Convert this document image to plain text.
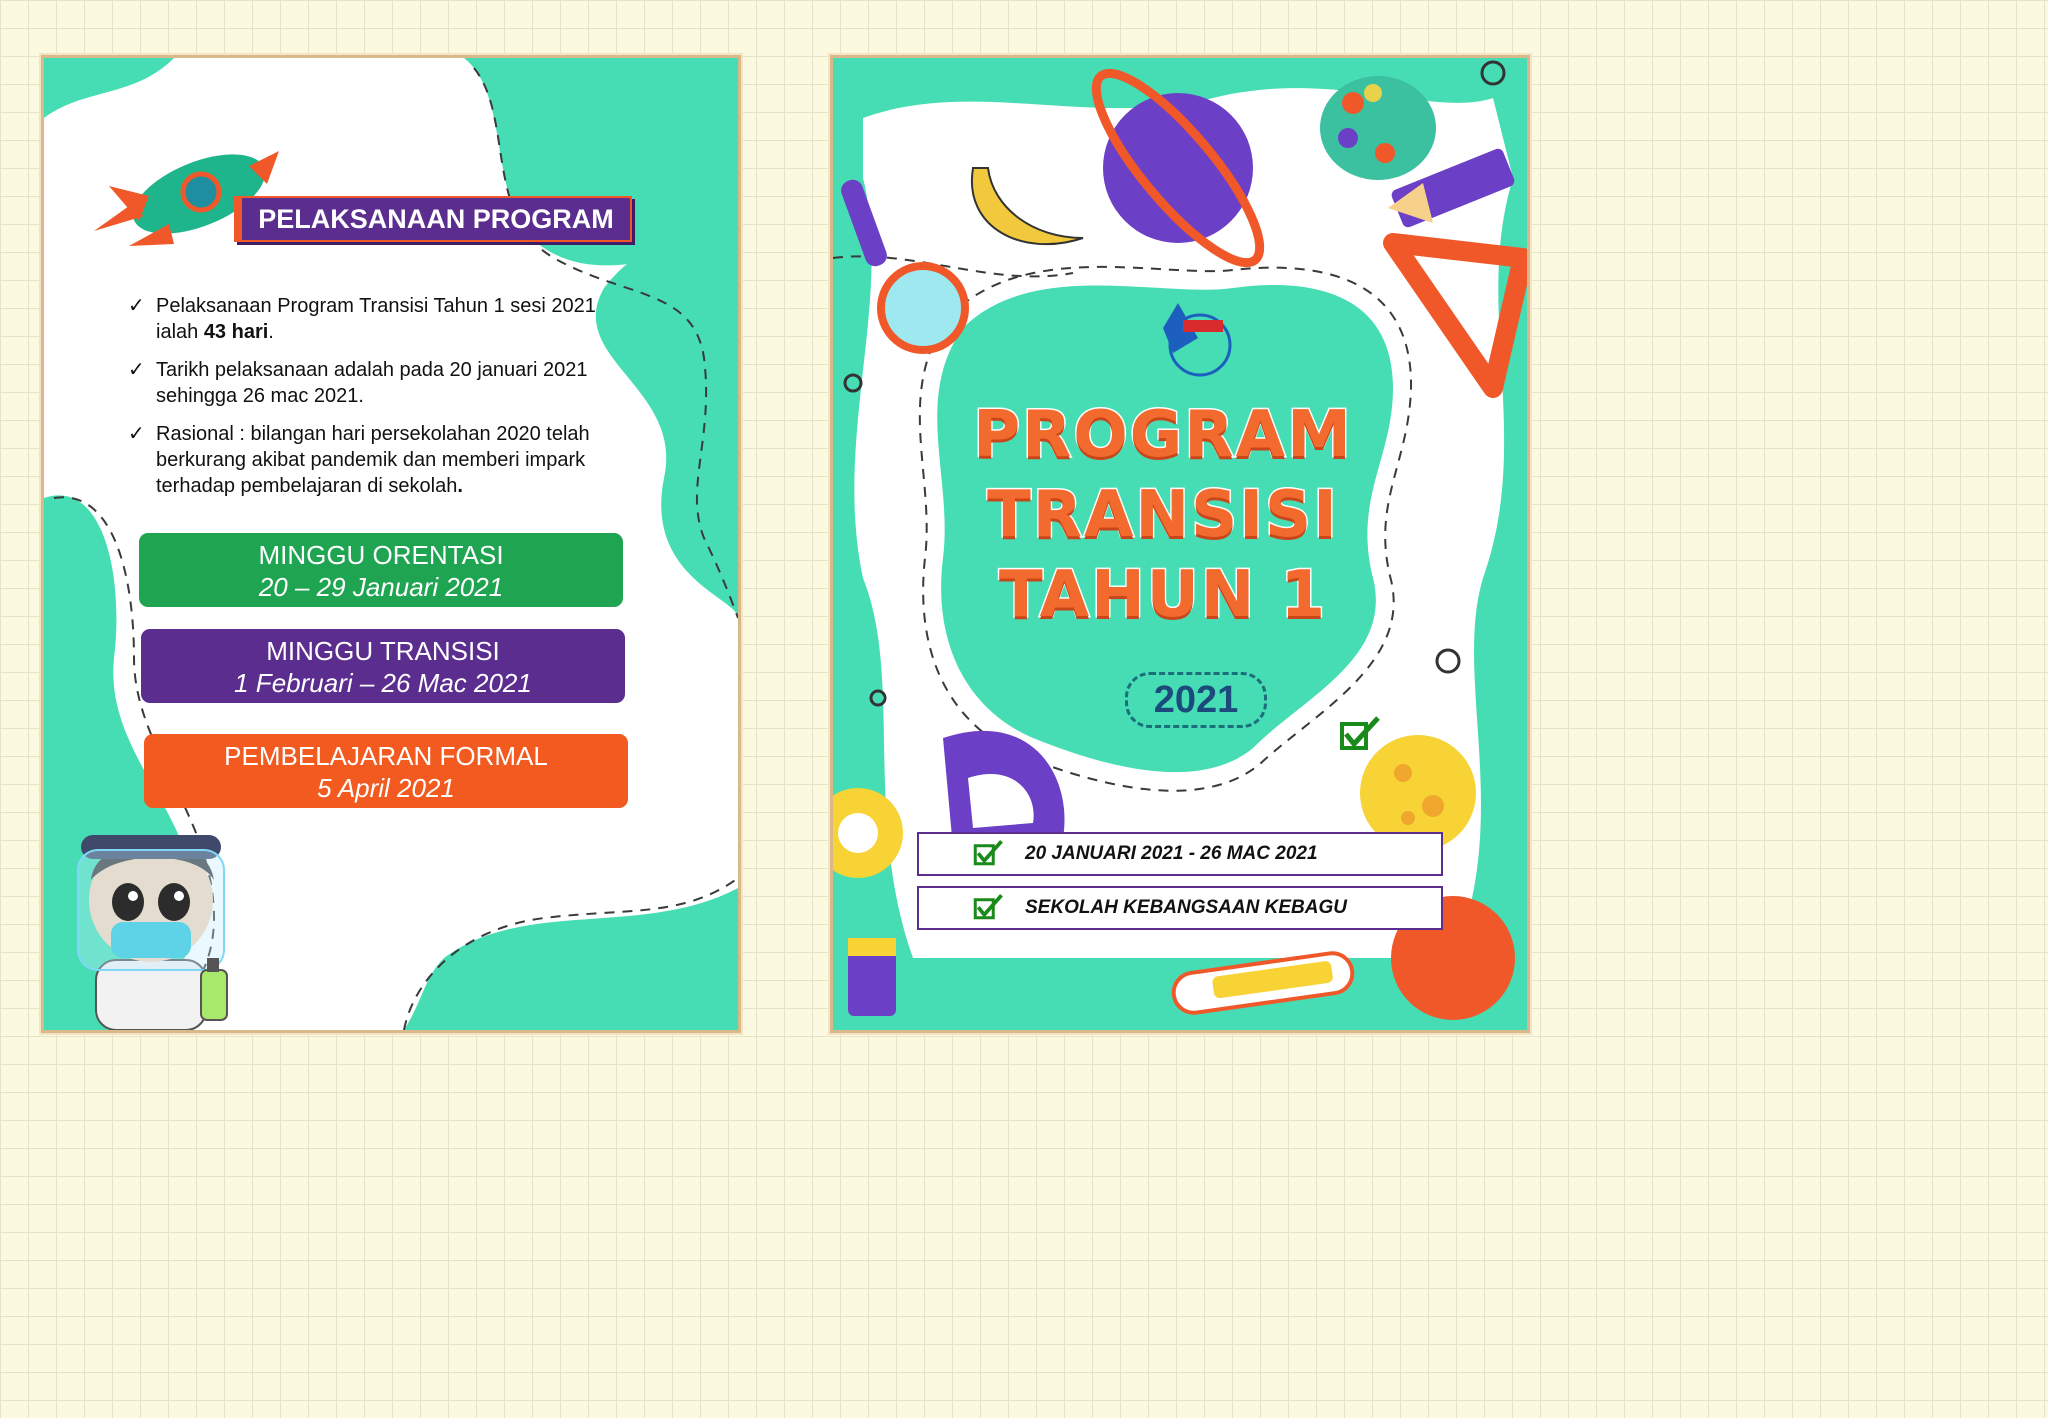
PELAKSANAAN PROGRAM
✓ Pelaksanaan Program Transisi Tahun 1 sesi 2021 ialah 43 hari.
✓ Tarikh pelaksanaan adalah pada 20 januari 2021 sehingga 26 mac 2021.
✓ Rasional : bilangan hari persekolahan 2020 telah berkurang akibat pandemik dan memberi impark terhadap pembelajaran di sekolah.
MINGGU ORENTASI
20 – 29 Januari 2021
MINGGU TRANSISI
1 Februari – 26 Mac 2021
PEMBELAJARAN FORMAL
5 April 2021
PROGRAM
TRANSISI
TAHUN 1
2021
20 JANUARI 2021 - 26 MAC 2021
SEKOLAH KEBANGSAAN KEBAGU
